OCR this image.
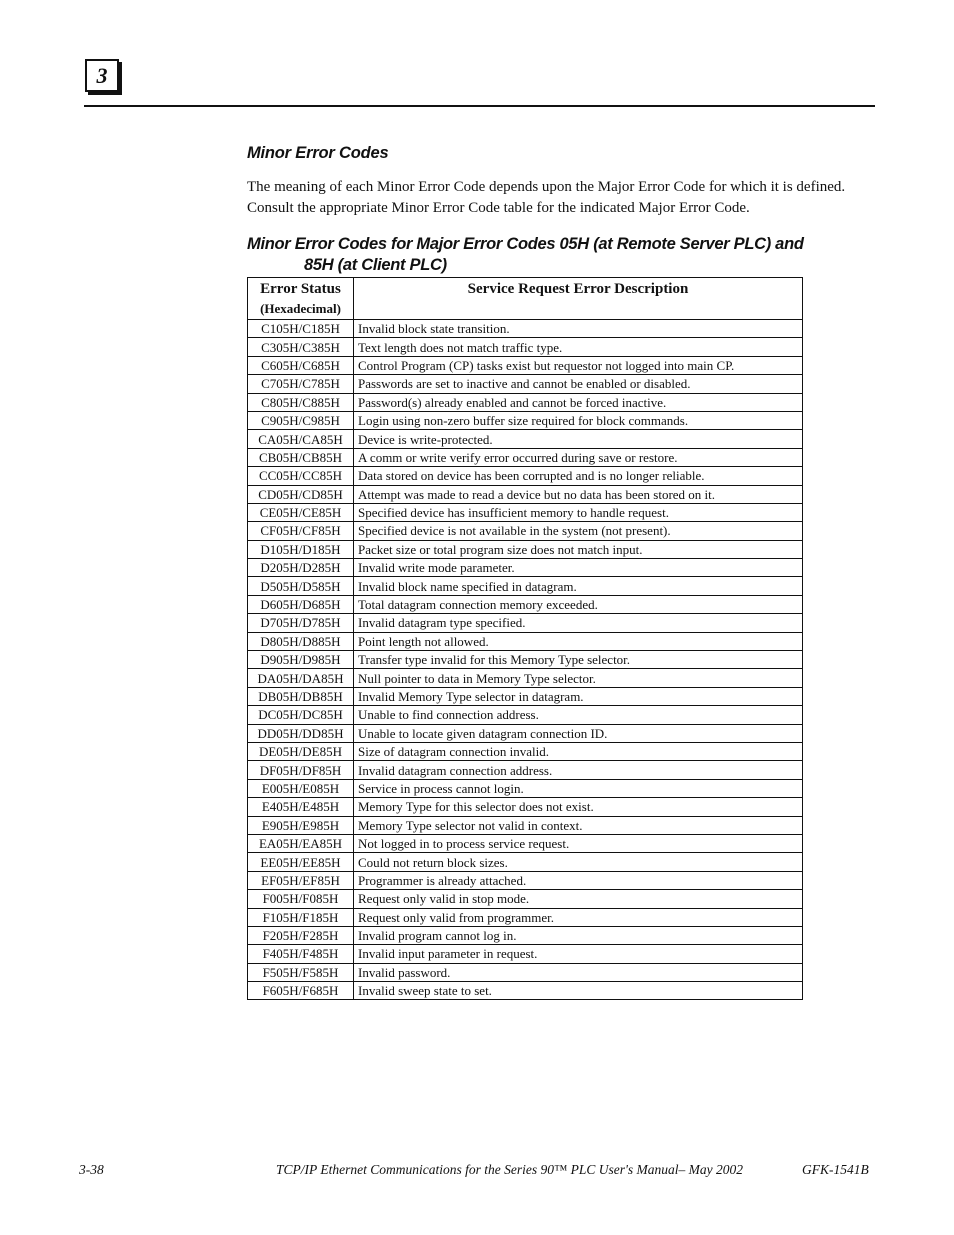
3
Minor Error Codes

The meaning of each Minor Error Code depends upon the Major Error Code for which it is defined. Consult the appropriate Minor Error Code table for the indicated Major Error Code.

Minor Error Codes for Major Error Codes 05H (at Remote Server PLC) and
85H (at Client PLC)
Error Status
(Hexadecimal)	Service Request Error Description
C105H/C185H	Invalid block state transition.
C305H/C385H	Text length does not match traffic type.
C605H/C685H	Control Program (CP) tasks exist but requestor not logged into main CP.
C705H/C785H	Passwords are set to inactive and cannot be enabled or disabled.
C805H/C885H	Password(s) already enabled and cannot be forced inactive.
C905H/C985H	Login using non-zero buffer size required for block commands.
CA05H/CA85H	Device is write-protected.
CB05H/CB85H	A comm or write verify error occurred during save or restore.
CC05H/CC85H	Data stored on device has been corrupted and is no longer reliable.
CD05H/CD85H	Attempt was made to read a device but no data has been stored on it.
CE05H/CE85H	Specified device has insufficient memory to handle request.
CF05H/CF85H	Specified device is not available in the system (not present).
D105H/D185H	Packet size or total program size does not match input.
D205H/D285H	Invalid write mode parameter.
D505H/D585H	Invalid block name specified in datagram.
D605H/D685H	Total datagram connection memory exceeded.
D705H/D785H	Invalid datagram type specified.
D805H/D885H	Point length not allowed.
D905H/D985H	Transfer type invalid for this Memory Type selector.
DA05H/DA85H	Null pointer to data in Memory Type selector.
DB05H/DB85H	Invalid Memory Type selector in datagram.
DC05H/DC85H	Unable to find connection address.
DD05H/DD85H	Unable to locate given datagram connection ID.
DE05H/DE85H	Size of datagram connection invalid.
DF05H/DF85H	Invalid datagram connection address.
E005H/E085H	Service in process cannot login.
E405H/E485H	Memory Type for this selector does not exist.
E905H/E985H	Memory Type selector not valid in context.
EA05H/EA85H	Not logged in to process service request.
EE05H/EE85H	Could not return block sizes.
EF05H/EF85H	Programmer is already attached.
F005H/F085H	Request only valid in stop mode.
F105H/F185H	Request only valid from programmer.
F205H/F285H	Invalid program cannot log in.
F405H/F485H	Invalid input parameter in request.
F505H/F585H	Invalid password.
F605H/F685H	Invalid sweep state to set.

3-38	TCP/IP Ethernet Communications for the Series 90™ PLC User's Manual– May 2002	GFK-1541B
